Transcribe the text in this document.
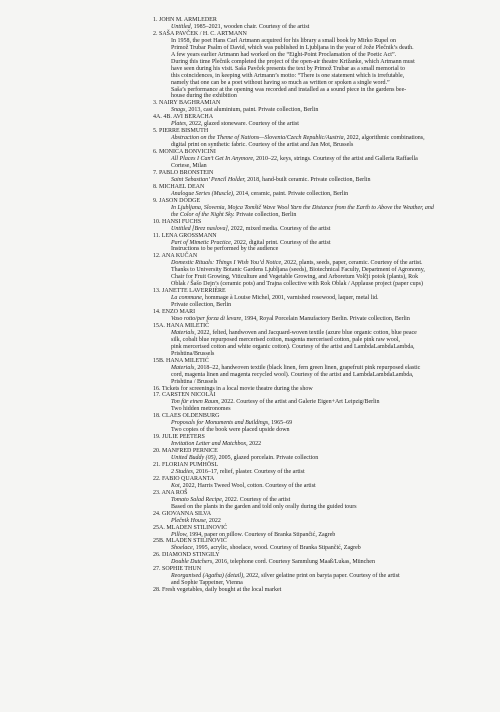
1. JOHN M. ARMLEDER
Untitled, 1985–2021, wooden chair. Courtesy of the artist
2. SAŠA PAVČEK / H. C. ARTMANN
In 1958, the poet Hans Carl Artmann acquired for his library a small book by Mirko Rupel on
Primož Trubar Psalm of David, which was published in Ljubljana in the year of Jože Plečnik’s death.
A few years earlier Artmann had worked on the “Eight-Point Proclamation of the Poetic Act”.
During this time Plečnik completed the project of the open-air theatre Križanke, which Artmann must
have seen during his visit. Saša Pavček presents the text by Primož Trubar as a small memorial to
this coincidences, in keeping with Artmann’s motto: “There is one statement which is irrefutable,
namely that one can be a poet without having so much as written or spoken a single word.”
Saša’s performance at the opening was recorded and installed as a sound piece in the gardens bee-
house during the exhibition
3. NAIRY BAGHRAMIAN
Snags, 2013, cast aluminium, paint. Private collection, Berlin
4A. 4B. AVI BERACHA
Plates, 2022, glazed stoneware. Courtesy of the artist
5. PIERRE BISMUTH
Abstraction on the Theme of Nations—Slovenia/Czech Republic/Austria, 2022, algorithmic combinations,
digital print on synthetic fabric. Courtesy of the artist and Jan Mot, Brussels
6. MONICA BONVICINI
All Places I Can’t Get In Anymore, 2010–22, keys, strings. Courtesy of the artist and Galleria Raffaella
Cortese, Milan
7. PABLO BRONSTEIN
Saint Sebastian’ Pencil Holder, 2018, hand-built ceramic. Private collection, Berlin
8. MICHAEL DEAN
Analogue Series (Muscle), 2014, ceramic, paint. Private collection, Berlin
9. JASON DODGE
In Ljubljana, Slovenia, Mojca Tomšič Wave Wool Yarn the Distance from the Earth to Above the Weather, and
the Color of the Night Sky. Private collection, Berlin
10. HANSI FUCHS
Untitled [Brez naslova], 2022, mixed media. Courtesy of the artist
11. LENA GROSSMANN
Part of Mimetic Practice, 2022, digital print. Courtesy of the artist
Instructions to be performed by the audience
12. ANA KUČAN
Domestic Rituals: Things I Wish You’d Notice, 2022, plants, seeds, paper, ceramic. Courtesy of the artist.
Thanks to University Botanic Gardens Ljubljana (seeds), Biotechnical Faculty, Department of Agronomy,
Chair for Fruit Growing, Viticulture and Vegetable Growing, and Arboretum Volčji potok (plants), Rok
Oblak / Šašo Dejn’s (ceramic pots) and Trajna collective with Rok Oblak / Applause project (paper cups)
13. JANETTE LAVERRIÈRE
La commune, hommage à Louise Michel, 2001, varnished rosewood, laquer, metal lid.
Private collection, Berlin
14. ENZO MARI
Vaso rotto/per forza di levare, 1994, Royal Porcelain Manufactory Berlin. Private collection, Berlin
15A. HANA MILETIĆ
Materials, 2022, felted, handwoven and Jacquard-woven textile (azure blue organic cotton, blue peace
silk, cobalt blue repurposed mercerised cotton, magenta mercerised cotton, pale pink raw wool,
pink mercerised cotton and white organic cotton). Courtesy of the artist and LambdaLambdaLambda,
Prishtina/Brussels
15B. HANA MILETIĆ
Materials, 2018–22, handwoven textile (black linen, fern green linen, grapefruit pink repurposed elastic
cord, magenta linen and magenta recycled wool). Courtesy of the artist and LambdaLambdaLambda,
Prishtina / Brussels
16. Tickets for screenings in a local movie theatre during the show
17. CARSTEN NICOLAI
Ton für einen Raum, 2022. Courtesy of the artist and Galerie Eigen+Art Leipzig/Berlin
Two hidden metronomes
18. CLAES OLDENBURG
Proposals for Monuments and Buildings, 1965–69
Two copies of the book were placed upside down
19. JULIE PEETERS
Invitation Letter and Matchbox, 2022
20. MANFRED PERNICE
United Buddy (05), 2005, glazed porcelain. Private collection
21. FLORIAN PUMHÖSL
2 Studies, 2016–17, relief, plaster. Courtesy of the artist
22. FABIO QUARANTA
Kot, 2022, Harris Tweed Wool, cotton. Courtesy of the artist
23. ANA ROŠ
Tomato Salad Recipe, 2022. Courtesy of the artist
Based on the plants in the garden and told only orally during the guided tours
24. GIOVANNA SILVA
Plečnik House, 2022
25A. MLADEN STILINOVIĆ
Pillow, 1994, paper on pillow. Courtesy of Branka Stipančić, Zagreb
25B. MLADEN STILINOVIĆ
Shoelace, 1995, acrylic, shoelace, wood. Courtesy of Branka Stipančić, Zagreb
26. DIAMOND STINGILY
Double Dutchers, 2016, telephone cord. Courtesy Sammlung Maaß/Lukas, München
27. SOPHIE THUN
Reorganised (Agatha) (detail), 2022, silver gelatine print on baryta paper. Courtesy of the artist
and Sophie Tappeiner, Vienna
28. Fresh vegetables, daily bought at the local market
